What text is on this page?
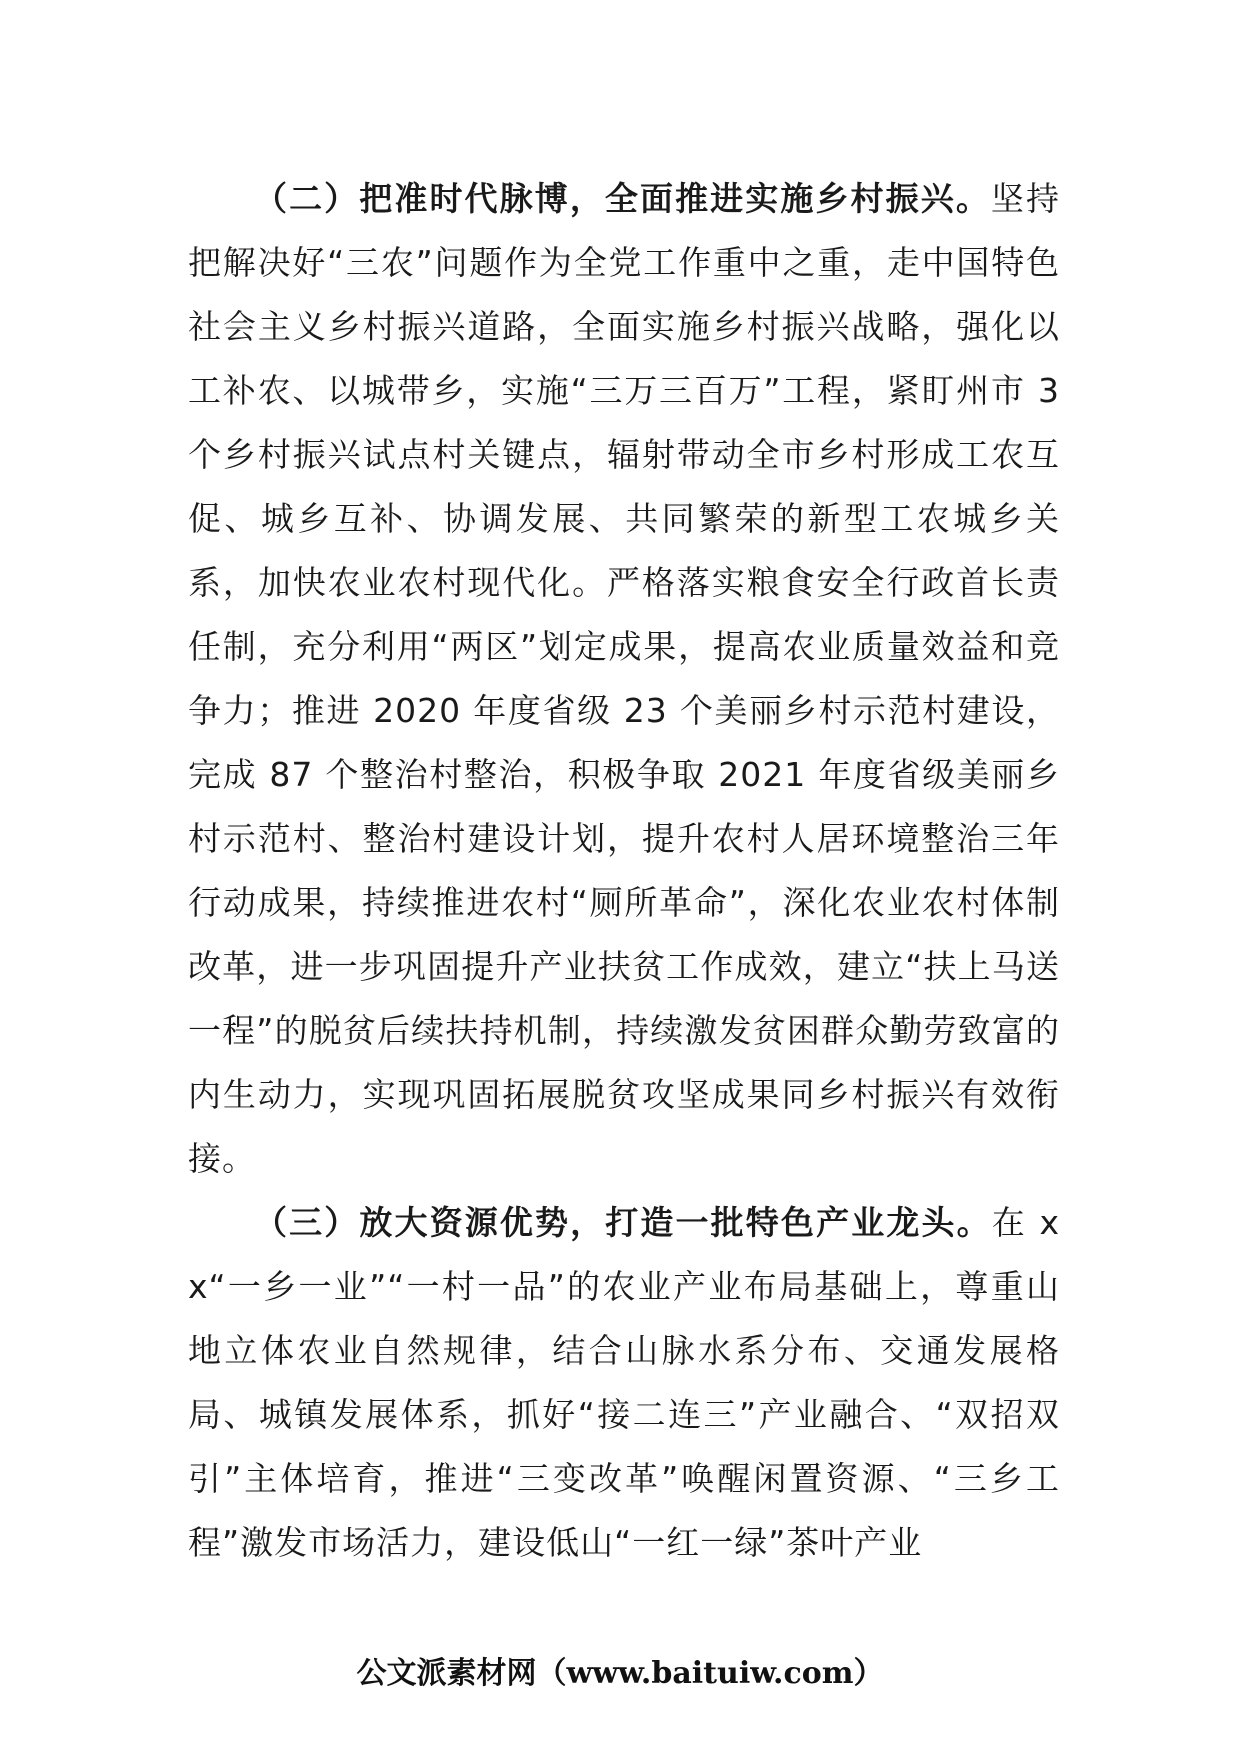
（二）把准时代脉博，全面推进实施乡村振兴。坚持把解决好“三农”问题作为全党工作重中之重，走中国特色社会主义乡村振兴道路，全面实施乡村振兴战略，强化以工补农、以城带乡，实施“三万三百万”工程，紧盯州市 3 个乡村振兴试点村关键点，辐射带动全市乡村形成工农互促、城乡互补、协调发展、共同繁荣的新型工农城乡关系，加快农业农村现代化。严格落实粮食安全行政首长责任制，充分利用“两区”划定成果，提高农业质量效益和竞争力；推进 2020 年度省级 23 个美丽乡村示范村建设，完成 87 个整治村整治，积极争取 2021 年度省级美丽乡村示范村、整治村建设计划，提升农村人居环境整治三年行动成果，持续推进农村“厕所革命”，深化农业农村体制改革，进一步巩固提升产业扶贫工作成效，建立“扶上马送一程”的脱贫后续扶持机制，持续激发贫困群众勤劳致富的内生动力，实现巩固拓展脱贫攻坚成果同乡村振兴有效衔接。

（三）放大资源优势，打造一批特色产业龙头。在 xx“一乡一业”“一村一品”的农业产业布局基础上，尊重山地立体农业自然规律，结合山脉水系分布、交通发展格局、城镇发展体系，抓好“接二连三”产业融合、“双招双引”主体培育，推进“三变改革”唤醒闲置资源、“三乡工程”激发市场活力，建设低山“一红一绿”茶叶产业

公文派素材网（www.baituiw.com）
